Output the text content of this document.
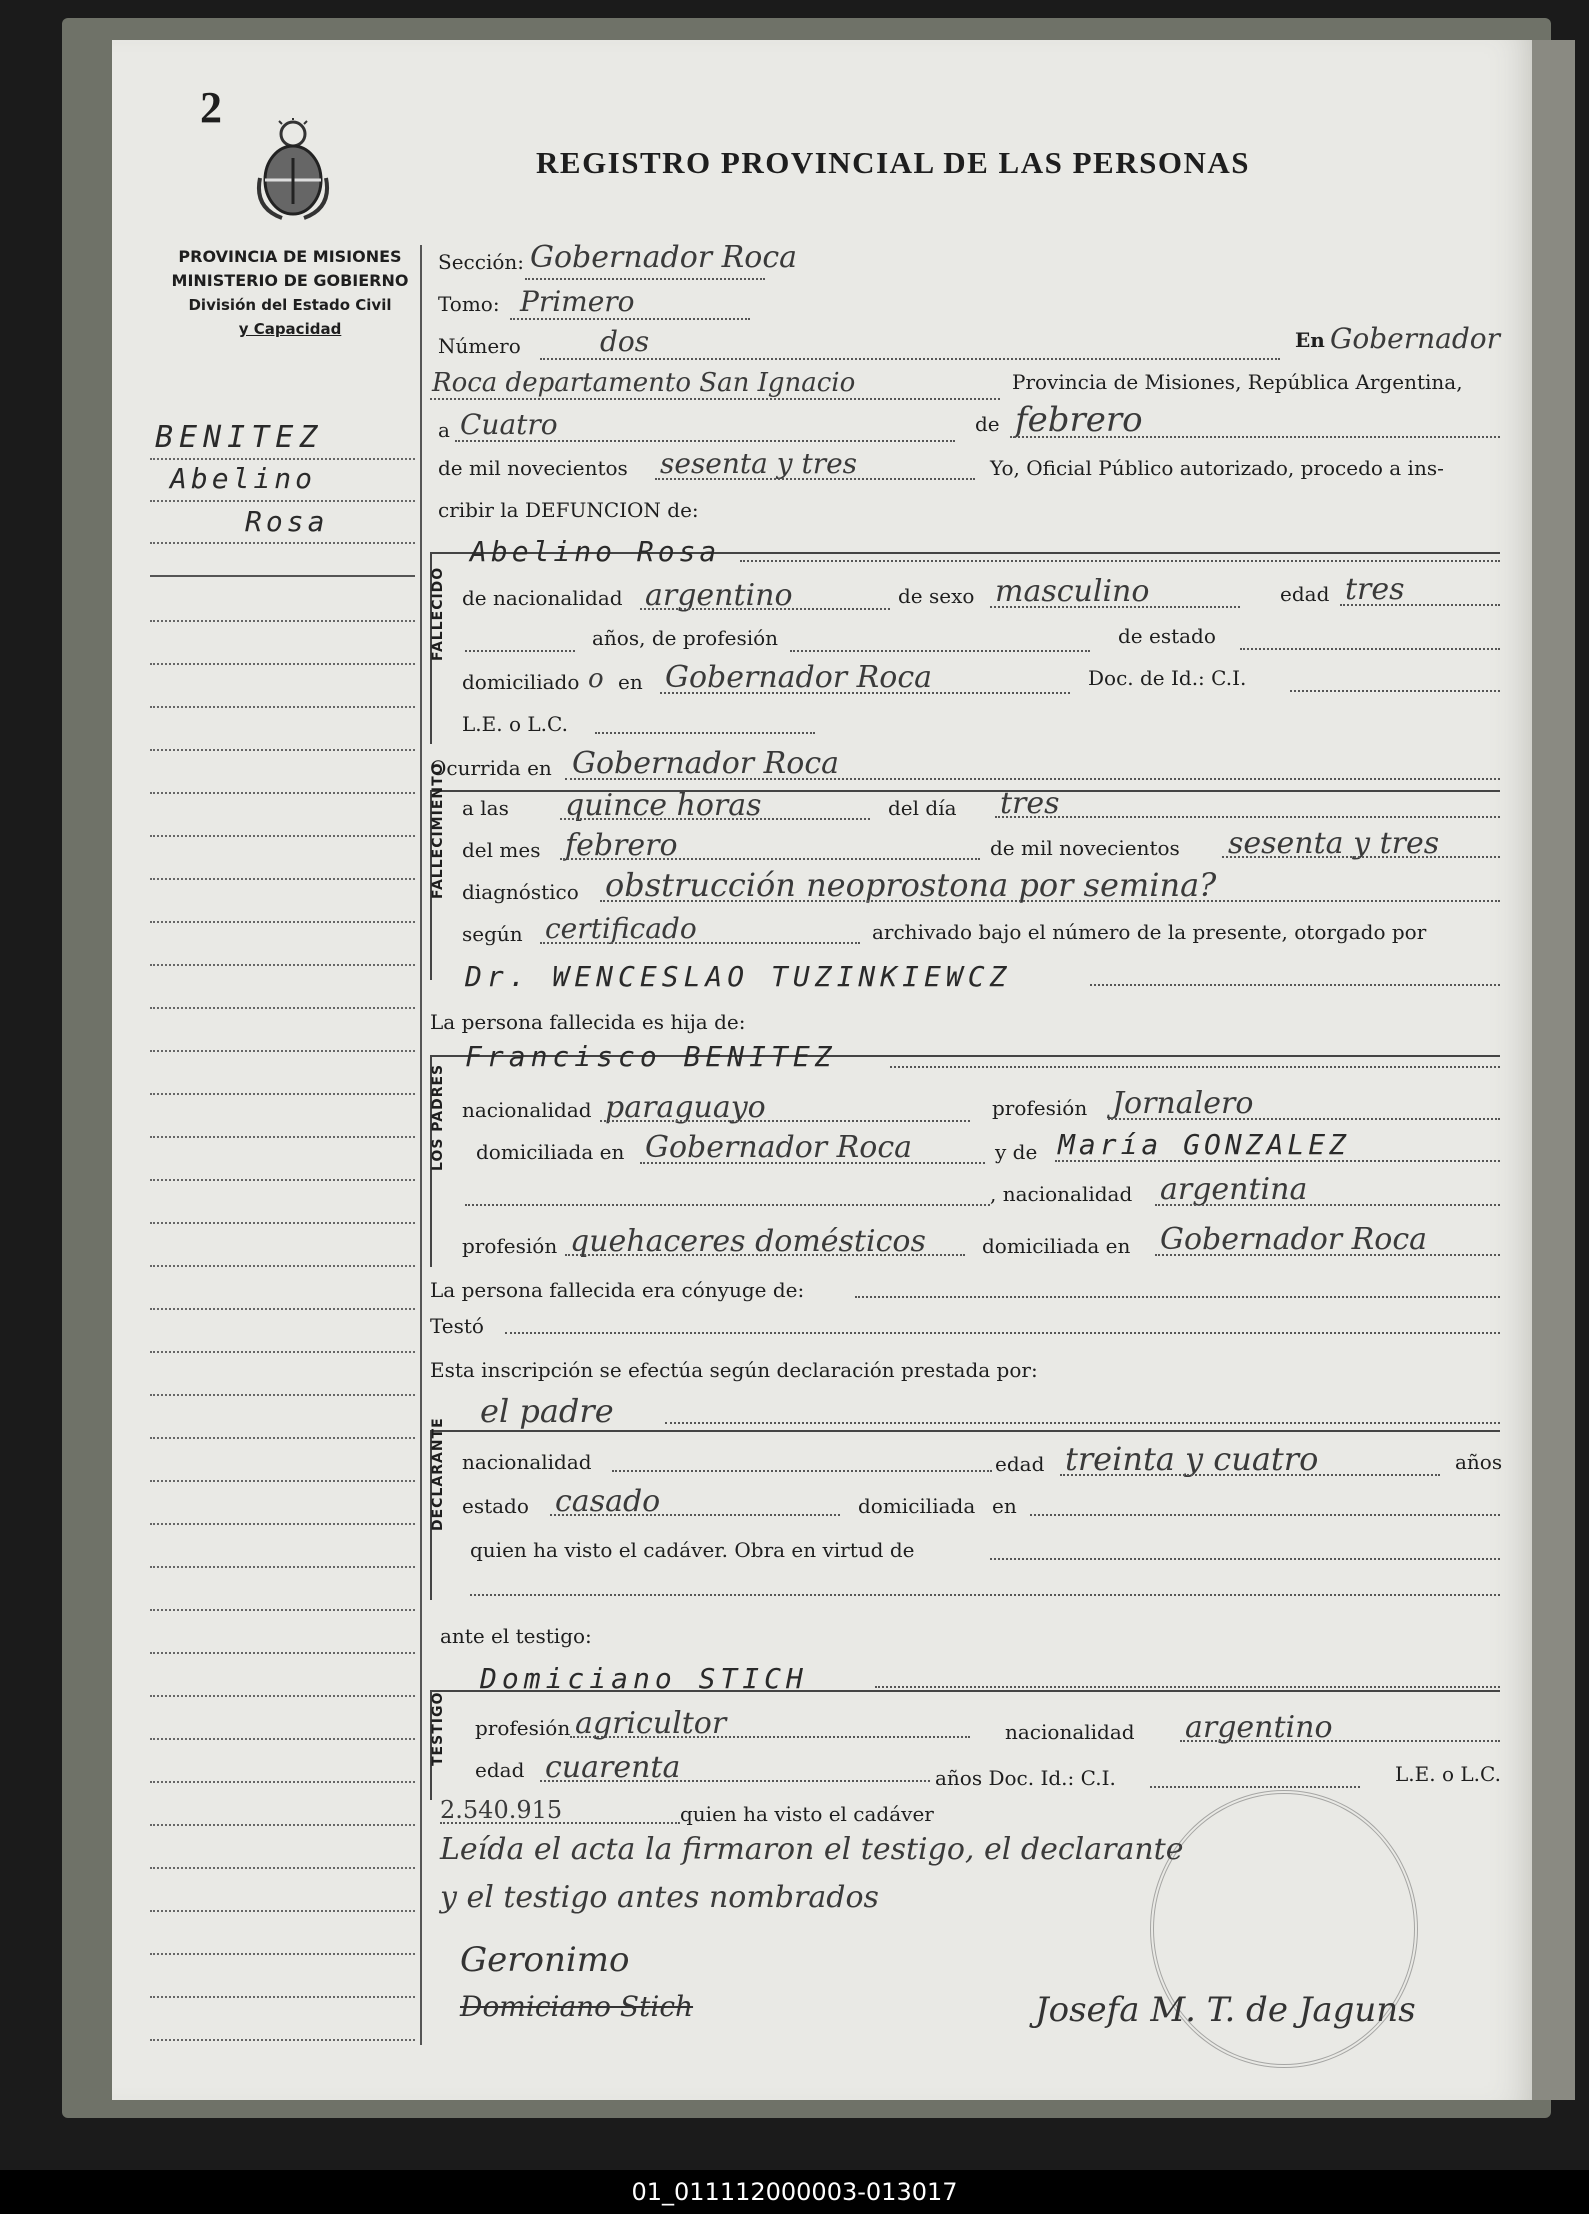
2
REGISTRO PROVINCIAL DE LAS PERSONAS
PROVINCIA DE MISIONES
MINISTERIO DE GOBIERNO
División del Estado Civil
y Capacidad
BENITEZ
Abelino
Rosa
Sección: Gobernador Roca
Tomo: Primero
Número	dos	En Gobernador
Roca departamento San Ignacio	Provincia de Misiones, República Argentina,
a Cuatro	de febrero
de mil novecientos sesenta y tres	Yo, Oficial Público autorizado, procedo a ins-
cribir la DEFUNCION de:
Abelino Rosa
de nacionalidad argentino	de sexo masculino	edad tres
años, de profesión	de estado
domiciliado o en Gobernador Roca	Doc. de Id.: C.I.
L.E. o L.C.
Ocurrida en Gobernador Roca
a las quince horas	del día tres
del mes febrero	de mil novecientos sesenta y tres
diagnóstico obstrucción neoprostona por semina?
según certificado	archivado bajo el número de la presente, otorgado por
Dr. WENCESLAO TUZINKIEWCZ
La persona fallecida es hija de:
Francisco BENITEZ
nacionalidad paraguayo	profesión Jornalero
domiciliada en Gobernador Roca	y de María GONZALEZ
, nacionalidad argentina
profesión quehaceres domésticos	domiciliada en Gobernador Roca
La persona fallecida era cónyuge de:
Testó
Esta inscripción se efectúa según declaración prestada por:
el padre
nacionalidad	edad treinta y cuatro	años
estado casado	domiciliada en
quien ha visto el cadáver. Obra en virtud de
ante el testigo:
Domiciano STICH
profesión agricultor	nacionalidad argentino
edad cuarenta	años Doc. Id.: C.I.	L.E. o L.C.
2.540.915	quien ha visto el cadáver
Leída el acta la firmaron el testigo, el declarante
y el testigo antes nombrados
Geronimo
Domiciano Stich	Josefa M. T. de Jaguns
01_011112000003-013017
